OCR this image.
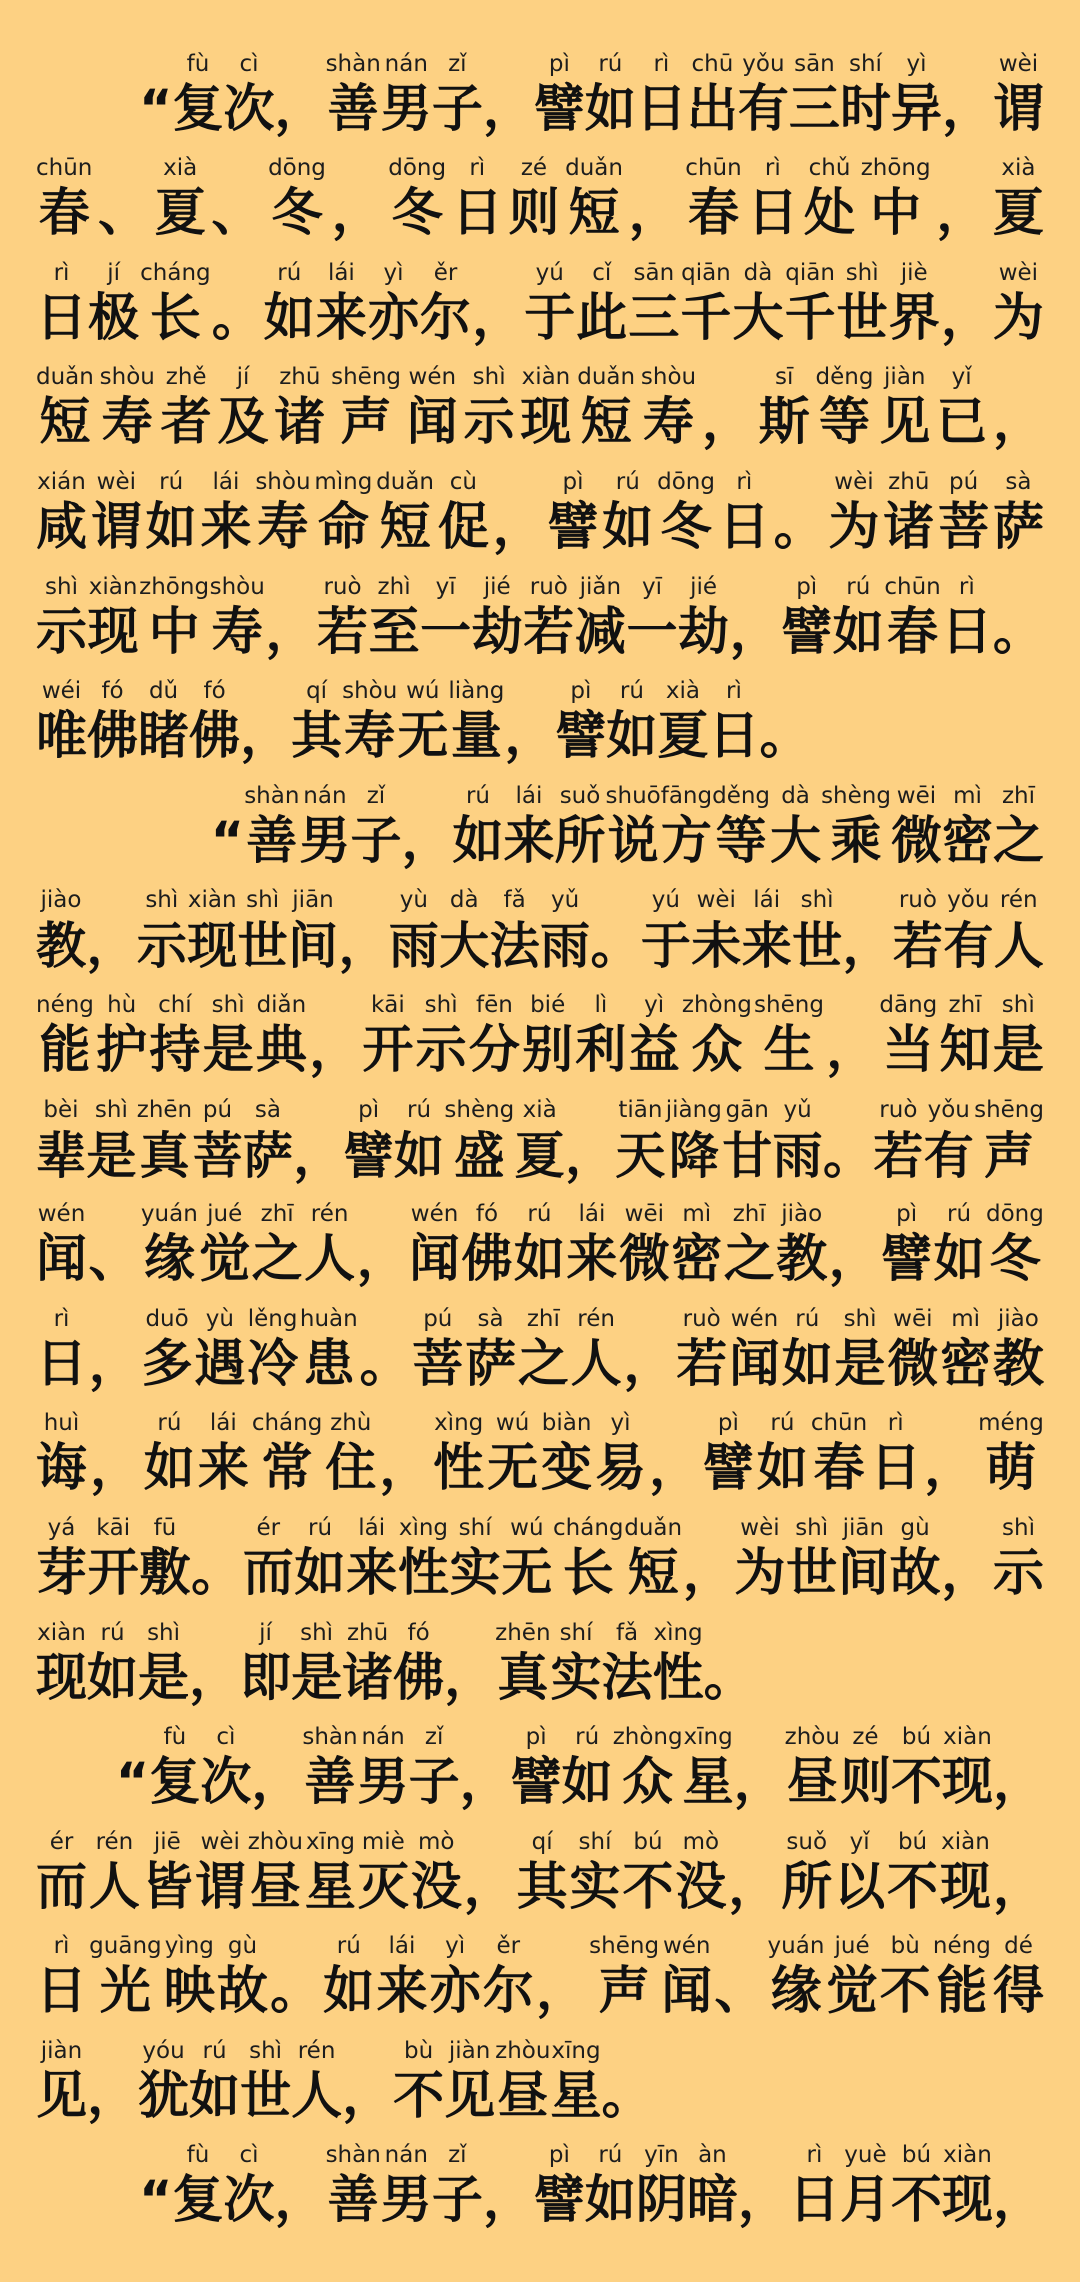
“
fù
复
cì
次 ，
shàn
善
nán
男
zǐ
子 ，
pì
譬
rú
如
rì
日
chū
出
yǒu
有
sān
三
shí
时
yì
异 ，
wèi
谓
chūn
春 、
xià
夏 、
dōng
冬 ，
dōng
冬
rì
日
zé
则
duǎn
短 ，
chūn
春
rì
日
chǔ
处
zhōng
中 ，
xià
夏
rì
日
jí
极
cháng
长 。
rú
如
lái
来
yì
亦
ěr
尔 ，
yú
于
cǐ
此
sān
三
qiān
千
dà
大
qiān
千
shì
世
jiè
界 ，
wèi
为
duǎn
短
shòu
寿
zhě
者
jí
及
zhū
诸
shēng
声
wén
闻
shì
示
xiàn
现
duǎn
短
shòu
寿 ，
sī
斯
děng
等
jiàn
见
yǐ
已 ，
xián
咸
wèi
谓
rú
如
lái
来
shòu
寿
mìng
命
duǎn
短
cù
促 ，
pì
譬
rú
如
dōng
冬
rì
日 。
wèi
为
zhū
诸
pú
菩
sà
萨
shì
示
xiàn
现
zhōng
中
shòu
寿 ，
ruò
若
zhì
至
yī
一
jié
劫
ruò
若
jiǎn
减
yī
一
jié
劫 ，
pì
譬
rú
如
chūn
春
rì
日 。
wéi
唯
fó
佛
dǔ
睹
fó
佛 ，
qí
其
shòu
寿
wú
无
liàng
量 ，
pì
譬
rú
如
xià
夏
rì
日 。
“
shàn
善
nán
男
zǐ
子 ，
rú
如
lái
来
suǒ
所
shuō
说
fāng
方
děng
等
dà
大
shèng
乘
wēi
微
mì
密
zhī
之
jiào
教 ，
shì
示
xiàn
现
shì
世
jiān
间 ，
yù
雨
dà
大
fǎ
法
yǔ
雨 。
yú
于
wèi
未
lái
来
shì
世 ，
ruò
若
yǒu
有
rén
人
néng
能
hù
护
chí
持
shì
是
diǎn
典 ，
kāi
开
shì
示
fēn
分
bié
别
lì
利
yì
益
zhòng
众
shēng
生 ，
dāng
当
zhī
知
shì
是
bèi
辈
shì
是
zhēn
真
pú
菩
sà
萨 ，
pì
譬
rú
如
shèng
盛
xià
夏 ，
tiān
天
jiàng
降
gān
甘
yǔ
雨 。
ruò
若
yǒu
有
shēng
声
wén
闻 、
yuán
缘
jué
觉
zhī
之
rén
人 ，
wén
闻
fó
佛
rú
如
lái
来
wēi
微
mì
密
zhī
之
jiào
教 ，
pì
譬
rú
如
dōng
冬
rì
日 ，
duō
多
yù
遇
lěng
冷
huàn
患 。
pú
菩
sà
萨
zhī
之
rén
人 ，
ruò
若
wén
闻
rú
如
shì
是
wēi
微
mì
密
jiào
教
huì
诲 ，
rú
如
lái
来
cháng
常
zhù
住 ，
xìng
性
wú
无
biàn
变
yì
易 ，
pì
譬
rú
如
chūn
春
rì
日 ，
méng
萌
yá
芽
kāi
开
fū
敷 。
ér
而
rú
如
lái
来
xìng
性
shí
实
wú
无
cháng
长
duǎn
短 ，
wèi
为
shì
世
jiān
间
gù
故 ，
shì
示
xiàn
现
rú
如
shì
是 ，
jí
即
shì
是
zhū
诸
fó
佛 ，
zhēn
真
shí
实
fǎ
法
xìng
性 。
“
fù
复
cì
次 ，
shàn
善
nán
男
zǐ
子 ，
pì
譬
rú
如
zhòng
众
xīng
星 ，
zhòu
昼
zé
则
bú
不
xiàn
现 ，
ér
而
rén
人
jiē
皆
wèi
谓
zhòu
昼
xīng
星
miè
灭
mò
没 ，
qí
其
shí
实
bú
不
mò
没 ，
suǒ
所
yǐ
以
bú
不
xiàn
现 ，
rì
日
guāng
光
yìng
映
gù
故 。
rú
如
lái
来
yì
亦
ěr
尔 ，
shēng
声
wén
闻 、
yuán
缘
jué
觉
bù
不
néng
能
dé
得
jiàn
见 ，
yóu
犹
rú
如
shì
世
rén
人 ，
bù
不
jiàn
见
zhòu
昼
xīng
星 。
“
fù
复
cì
次 ，
shàn
善
nán
男
zǐ
子 ，
pì
譬
rú
如
yīn
阴
àn
暗 ，
rì
日
yuè
月
bú
不
xiàn
现 ，
